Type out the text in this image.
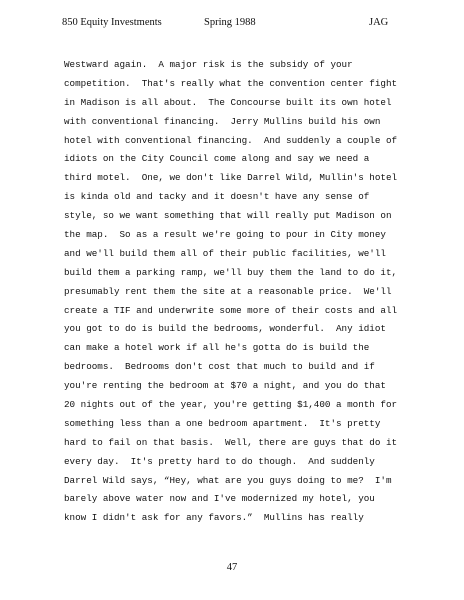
850 Equity Investments	Spring 1988	JAG
Westward again.  A major risk is the subsidy of your
competition.  That's really what the convention center fight
in Madison is all about.  The Concourse built its own hotel
with conventional financing.  Jerry Mullins build his own
hotel with conventional financing.  And suddenly a couple of
idiots on the City Council come along and say we need a
third motel.  One, we don't like Darrel Wild, Mullin's hotel
is kinda old and tacky and it doesn't have any sense of
style, so we want something that will really put Madison on
the map.  So as a result we're going to pour in City money
and we'll build them all of their public facilities, we'll
build them a parking ramp, we'll buy them the land to do it,
presumably rent them the site at a reasonable price.  We'll
create a TIF and underwrite some more of their costs and all
you got to do is build the bedrooms, wonderful.  Any idiot
can make a hotel work if all he's gotta do is build the
bedrooms.  Bedrooms don't cost that much to build and if
you're renting the bedroom at $70 a night, and you do that
20 nights out of the year, you're getting $1,400 a month for
something less than a one bedroom apartment.  It's pretty
hard to fail on that basis.  Well, there are guys that do it
every day.  It's pretty hard to do though.  And suddenly
Darrel Wild says, “Hey, what are you guys doing to me?  I'm
barely above water now and I've modernized my hotel, you
know I didn't ask for any favors.”  Mullins has really
47
